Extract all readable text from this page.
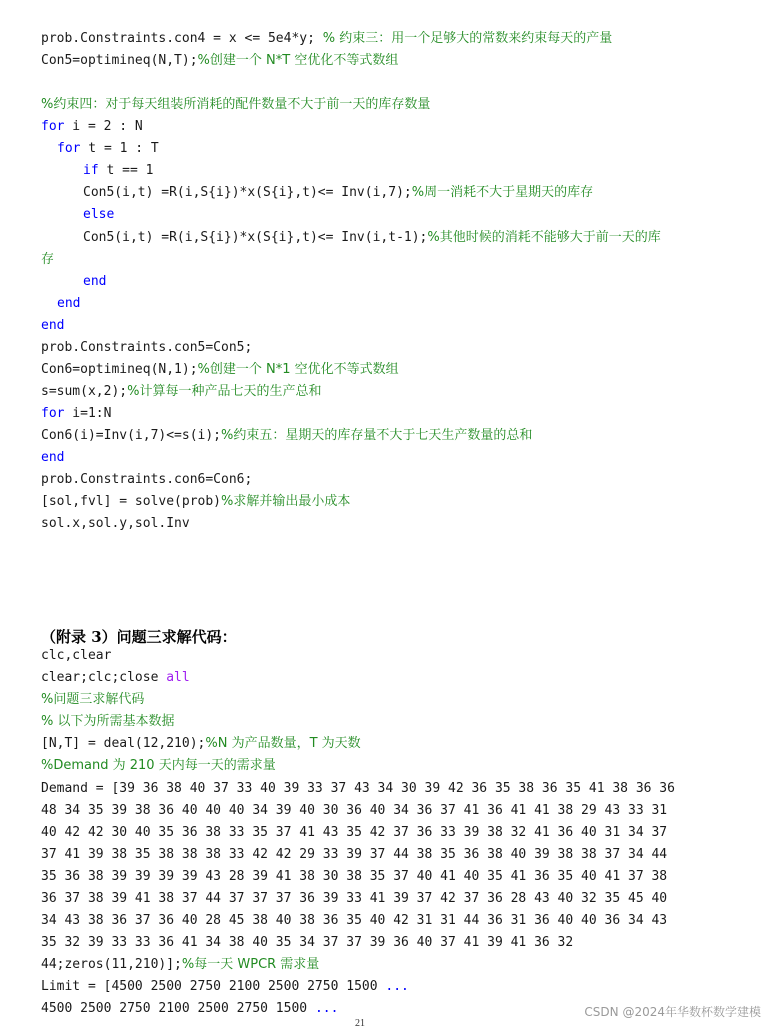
prob.Constraints.con4 = x <= 5e4*y; % 约束三：用一个足够大的常数来约束每天的产量
Con5=optimineq(N,T);%创建一个 N*T 空优化不等式数组
%约束四：对于每天组装所消耗的配件数量不大于前一天的库存数量
for i = 2 : N
for t = 1 : T
if t == 1
Con5(i,t) =R(i,S{i})*x(S{i},t)<= Inv(i,7);%周一消耗不大于星期天的库存
else
Con5(i,t) =R(i,S{i})*x(S{i},t)<= Inv(i,t-1);%其他时候的消耗不能够大于前一天的库
存
end
end
end
prob.Constraints.con5=Con5;
Con6=optimineq(N,1);%创建一个 N*1 空优化不等式数组
s=sum(x,2);%计算每一种产品七天的生产总和
for i=1:N
Con6(i)=Inv(i,7)<=s(i);%约束五：星期天的库存量不大于七天生产数量的总和
end
prob.Constraints.con6=Con6;
[sol,fvl] = solve(prob)%求解并输出最小成本
sol.x,sol.y,sol.Inv
（附录 3）问题三求解代码：
clc,clear
clear;clc;close all
%问题三求解代码
% 以下为所需基本数据
[N,T] = deal(12,210);%N 为产品数量，T 为天数
%Demand 为 210 天内每一天的需求量
Demand = [39 36 38 40 37 33 40 39 33 37 43 34 30 39 42 36 35 38 36 35 41 38 36 36
48 34 35 39 38 36 40 40 40 34 39 40 30 36 40 34 36 37 41 36 41 41 38 29 43 33 31
40 42 42 30 40 35 36 38 33 35 37 41 43 35 42 37 36 33 39 38 32 41 36 40 31 34 37
37 41 39 38 35 38 38 38 33 42 42 29 33 39 37 44 38 35 36 38 40 39 38 38 37 34 44
35 36 38 39 39 39 39 43 28 39 41 38 30 38 35 37 40 41 40 35 41 36 35 40 41 37 38
36 37 38 39 41 38 37 44 37 37 37 36 39 33 41 39 37 42 37 36 28 43 40 32 35 45 40
34 43 38 36 37 36 40 28 45 38 40 38 36 35 40 42 31 31 44 36 31 36 40 40 36 34 43
35 32 39 33 33 36 41 34 38 40 35 34 37 37 39 36 40 37 41 39 41 36 32
44;zeros(11,210)];%每一天 WPCR 需求量
Limit = [4500 2500 2750 2100 2500 2750 1500 ...
4500 2500 2750 2100 2500 2750 1500 ...
21
CSDN @2024年华数杯数学建模
